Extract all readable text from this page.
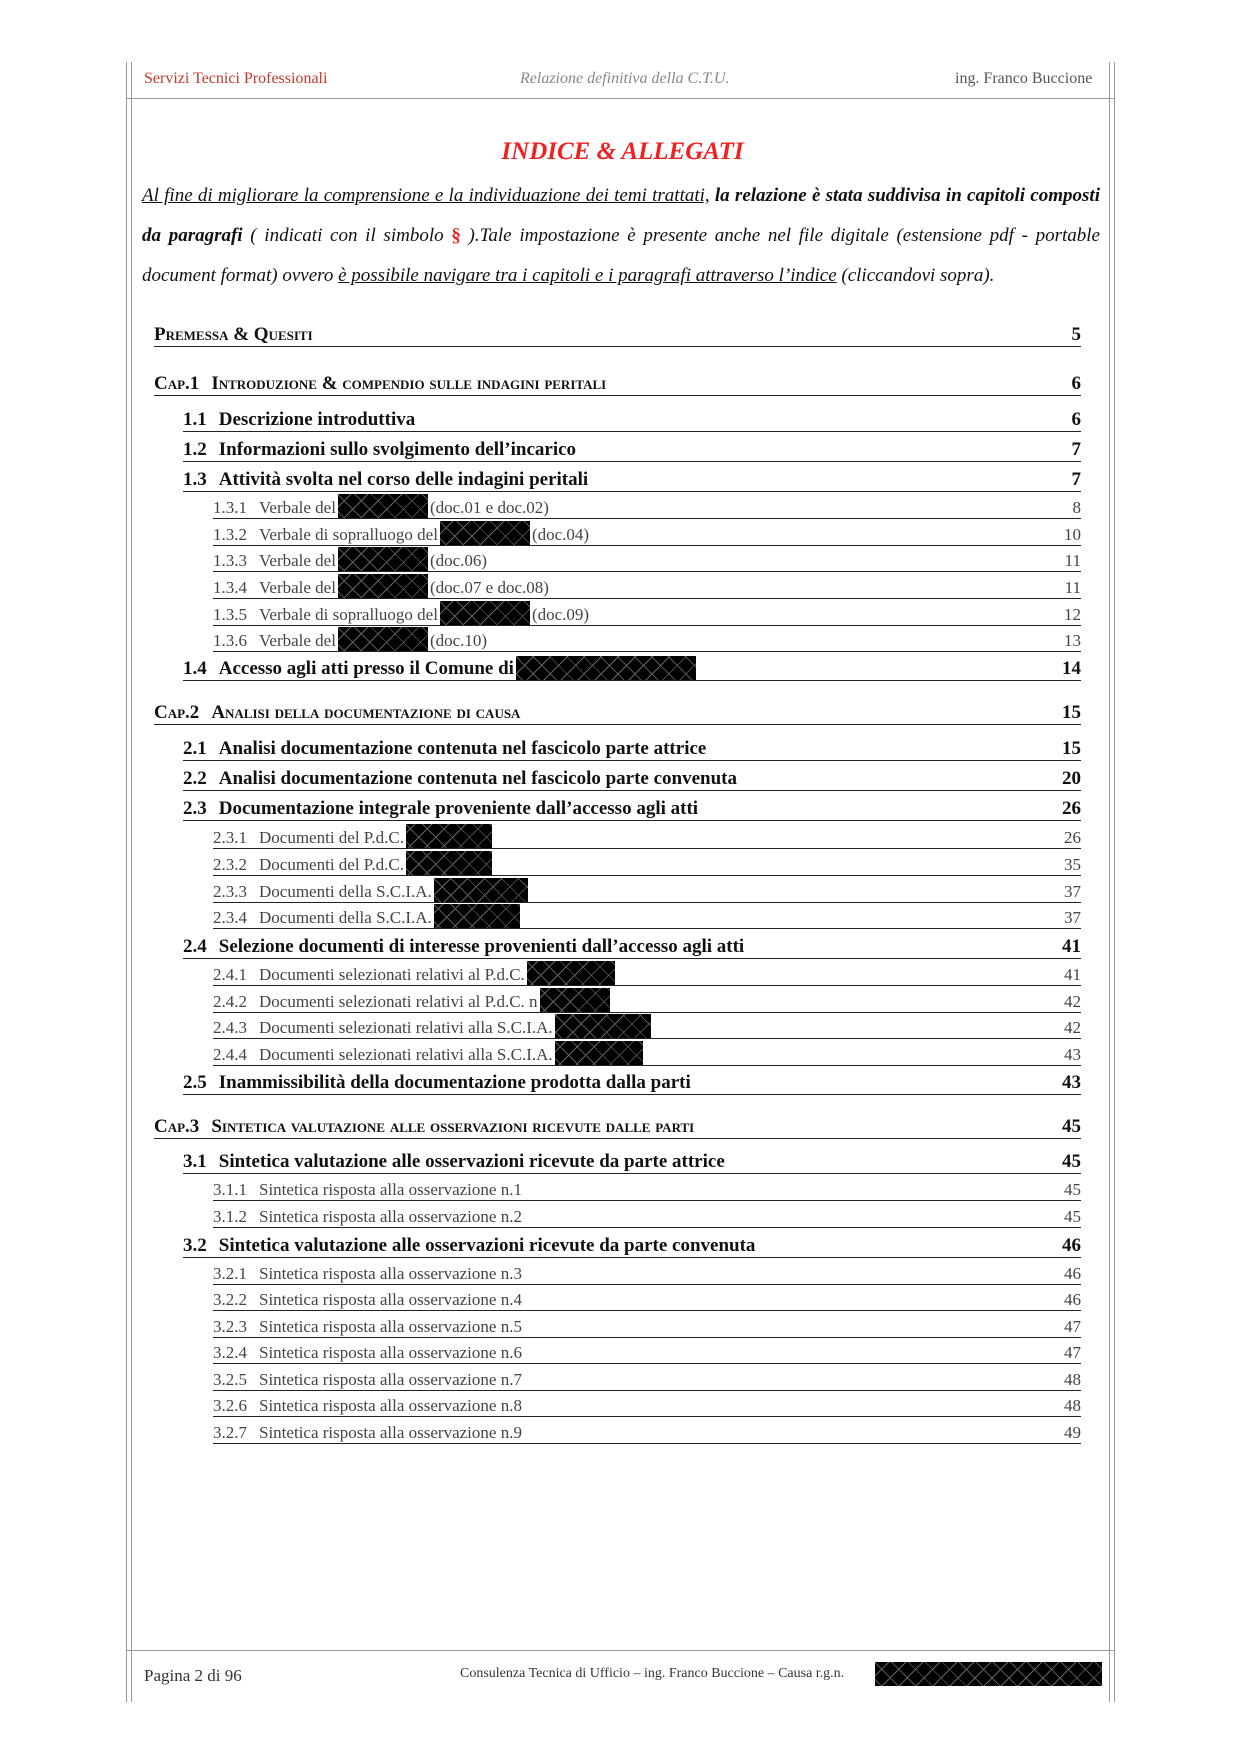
Servizi Tecnici Professionali	Relazione definitiva della C.T.U.	ing. Franco Buccione
INDICE & ALLEGATI
Al fine di migliorare la comprensione e la individuazione dei temi trattati, la relazione è stata suddivisa in capitoli composti da paragrafi ( indicati con il simbolo § ).Tale impostazione è presente anche nel file digitale (estensione pdf - portable document format) ovvero è possibile navigare tra i capitoli e i paragrafi attraverso l’indice (cliccandovi sopra).
Premessa & Quesiti	5
Cap.1 Introduzione & compendio sulle indagini peritali	6
1.1 Descrizione introduttiva	6
1.2 Informazioni sullo svolgimento dell’incarico	7
1.3 Attività svolta nel corso delle indagini peritali	7
1.3.1 Verbale del	(doc.01 e doc.02)	8
1.3.2 Verbale di sopralluogo del	(doc.04)	10
1.3.3 Verbale del	(doc.06)	11
1.3.4 Verbale del	(doc.07 e doc.08)	11
1.3.5 Verbale di sopralluogo del	(doc.09)	12
1.3.6 Verbale del	(doc.10)	13
1.4 Accesso agli atti presso il Comune di	14
Cap.2 Analisi della documentazione di causa	15
2.1 Analisi documentazione contenuta nel fascicolo parte attrice	15
2.2 Analisi documentazione contenuta nel fascicolo parte convenuta	20
2.3 Documentazione integrale proveniente dall’accesso agli atti	26
2.3.1 Documenti del P.d.C.	26
2.3.2 Documenti del P.d.C.	35
2.3.3 Documenti della S.C.I.A.	37
2.3.4 Documenti della S.C.I.A.	37
2.4 Selezione documenti di interesse provenienti dall’accesso agli atti	41
2.4.1 Documenti selezionati relativi al P.d.C.	41
2.4.2 Documenti selezionati relativi al P.d.C. n	42
2.4.3 Documenti selezionati relativi alla S.C.I.A.	42
2.4.4 Documenti selezionati relativi alla S.C.I.A.	43
2.5 Inammissibilità della documentazione prodotta dalla parti	43
Cap.3 Sintetica valutazione alle osservazioni ricevute dalle parti	45
3.1 Sintetica valutazione alle osservazioni ricevute da parte attrice	45
3.1.1 Sintetica risposta alla osservazione n.1	45
3.1.2 Sintetica risposta alla osservazione n.2	45
3.2 Sintetica valutazione alle osservazioni ricevute da parte convenuta	46
3.2.1 Sintetica risposta alla osservazione n.3	46
3.2.2 Sintetica risposta alla osservazione n.4	46
3.2.3 Sintetica risposta alla osservazione n.5	47
3.2.4 Sintetica risposta alla osservazione n.6	47
3.2.5 Sintetica risposta alla osservazione n.7	48
3.2.6 Sintetica risposta alla osservazione n.8	48
3.2.7 Sintetica risposta alla osservazione n.9	49
Pagina 2 di 96	Consulenza Tecnica di Ufficio – ing. Franco Buccione – Causa r.g.n.
